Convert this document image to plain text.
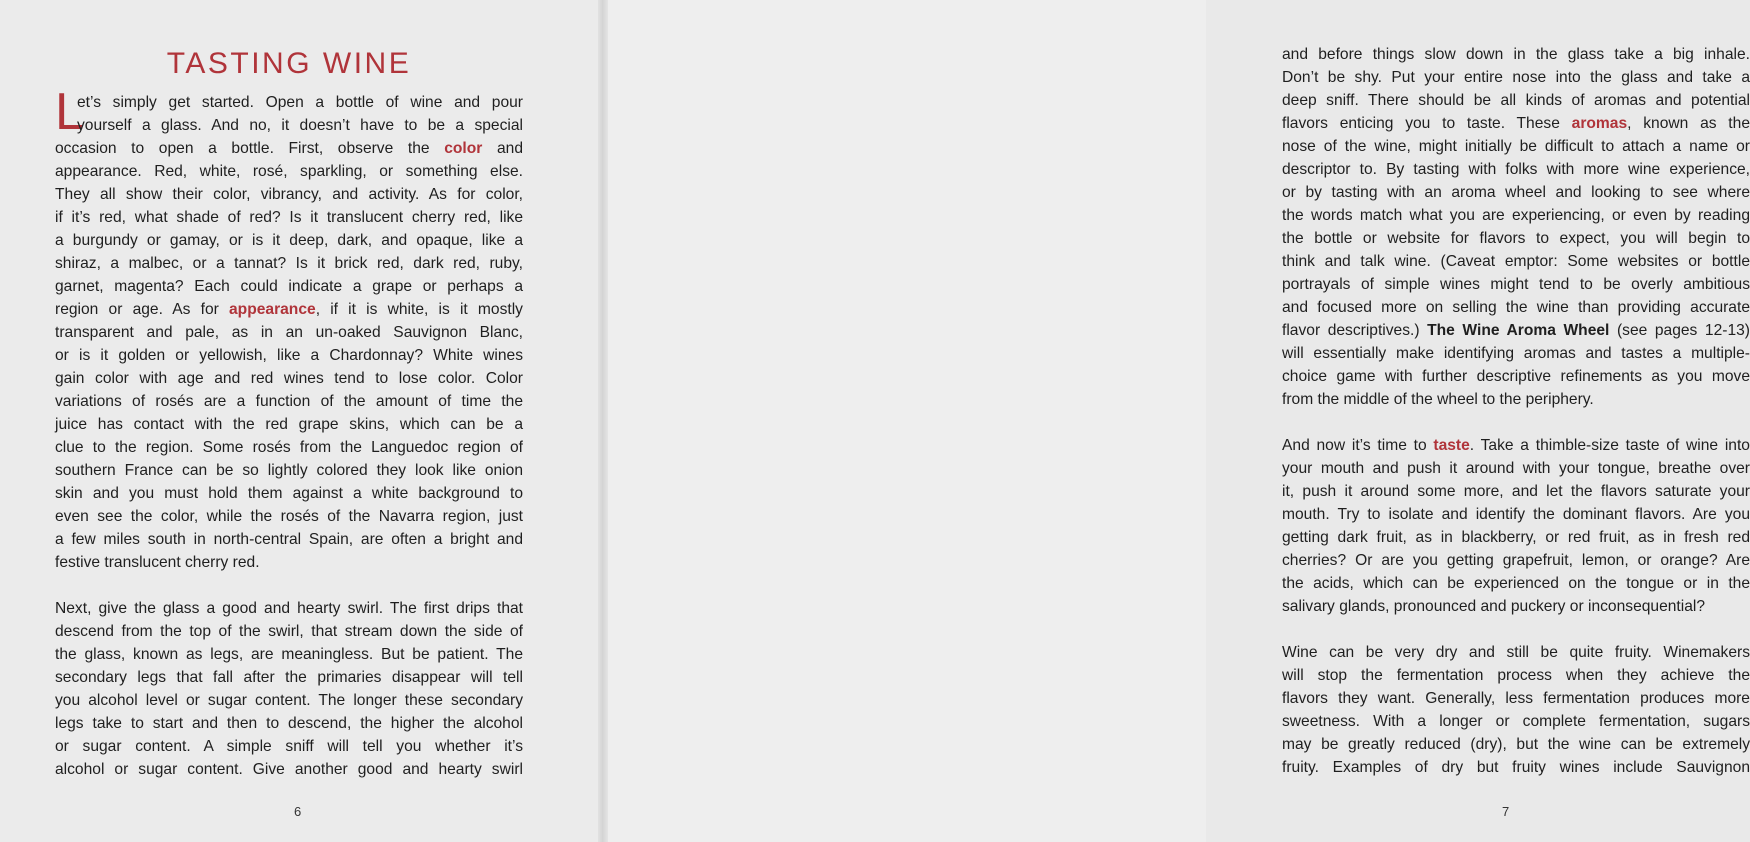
TASTING WINE
L
et’s simply get started. Open a bottle of wine and pour
yourself a glass. And no, it doesn’t have to be a special
occasion to open a bottle. First, observe the color and
appearance. Red, white, rosé, sparkling, or something else.
They all show their color, vibrancy, and activity. As for color,
if it’s red, what shade of red? Is it translucent cherry red, like
a burgundy or gamay, or is it deep, dark, and opaque, like a
shiraz, a malbec, or a tannat? Is it brick red, dark red, ruby,
garnet, magenta? Each could indicate a grape or perhaps a
region or age. As for appearance, if it is white, is it mostly
transparent and pale, as in an un-oaked Sauvignon Blanc,
or is it golden or yellowish, like a Chardonnay? White wines
gain color with age and red wines tend to lose color. Color
variations of rosés are a function of the amount of time the
juice has contact with the red grape skins, which can be a
clue to the region. Some rosés from the Languedoc region of
southern France can be so lightly colored they look like onion
skin and you must hold them against a white background to
even see the color, while the rosés of the Navarra region, just
a few miles south in north-central Spain, are often a bright and
festive translucent cherry red.
Next, give the glass a good and hearty swirl. The first drips that
descend from the top of the swirl, that stream down the side of
the glass, known as legs, are meaningless. But be patient. The
secondary legs that fall after the primaries disappear will tell
you alcohol level or sugar content. The longer these secondary
legs take to start and then to descend, the higher the alcohol
or sugar content. A simple sniff will tell you whether it’s
alcohol or sugar content. Give another good and hearty swirl
6
and before things slow down in the glass take a big inhale.
Don’t be shy. Put your entire nose into the glass and take a
deep sniff. There should be all kinds of aromas and potential
flavors enticing you to taste. These aromas, known as the
nose of the wine, might initially be difficult to attach a name or
descriptor to. By tasting with folks with more wine experience,
or by tasting with an aroma wheel and looking to see where
the words match what you are experiencing, or even by reading
the bottle or website for flavors to expect, you will begin to
think and talk wine. (Caveat emptor: Some websites or bottle
portrayals of simple wines might tend to be overly ambitious
and focused more on selling the wine than providing accurate
flavor descriptives.) The Wine Aroma Wheel (see pages 12-13)
will essentially make identifying aromas and tastes a multiple-
choice game with further descriptive refinements as you move
from the middle of the wheel to the periphery.
And now it’s time to taste. Take a thimble-size taste of wine into
your mouth and push it around with your tongue, breathe over
it, push it around some more, and let the flavors saturate your
mouth. Try to isolate and identify the dominant flavors. Are you
getting dark fruit, as in blackberry, or red fruit, as in fresh red
cherries? Or are you getting grapefruit, lemon, or orange? Are
the acids, which can be experienced on the tongue or in the
salivary glands, pronounced and puckery or inconsequential?
Wine can be very dry and still be quite fruity. Winemakers
will stop the fermentation process when they achieve the
flavors they want. Generally, less fermentation produces more
sweetness. With a longer or complete fermentation, sugars
may be greatly reduced (dry), but the wine can be extremely
fruity. Examples of dry but fruity wines include Sauvignon
7
